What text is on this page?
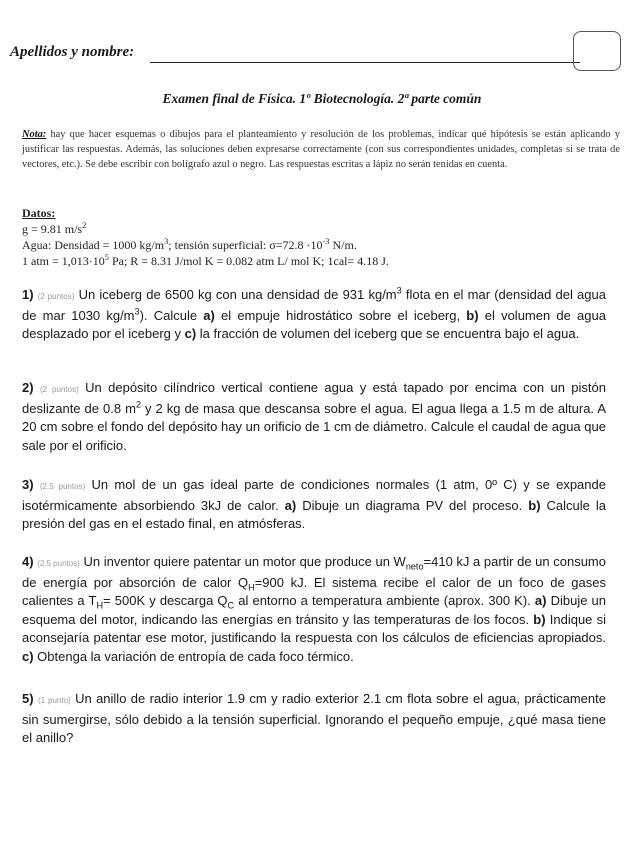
Apellidos y nombre:
Examen final de Física. 1º Biotecnología. 2ª parte común
Nota: hay que hacer esquemas o dibujos para el planteamiento y resolución de los problemas, indicar qué hipótesis se están aplicando y justificar las respuestas. Además, las soluciones deben expresarse correctamente (con sus correspondientes unidades, completas si se trata de vectores, etc.). Se debe escribir con bolígrafo azul o negro. Las respuestas escritas a lápiz no serán tenidas en cuenta.
Datos:
g = 9.81 $m/s^2$
Agua: Densidad = 1000 $kg/m^3$; tensión superficial: $\sigma=72.8 \cdot 10^{-3}$ N/m.
1 atm = $1,013\cdot 10^5$ Pa; R = 8.31 J/mol K = 0.082 atm L/ mol K; 1cal= 4.18 J.
1) (2 puntos) Un iceberg de 6500 kg con una densidad de 931 $kg/m^3$ flota en el mar (densidad del agua de mar 1030 $kg/m^3$). Calcule a) el empuje hidrostático sobre el iceberg, b) el volumen de agua desplazado por el iceberg y c) la fracción de volumen del iceberg que se encuentra bajo el agua.
2) (2 puntos) Un depósito cilíndrico vertical contiene agua y está tapado por encima con un pistón deslizante de 0.8 $m^2$ y 2 kg de masa que descansa sobre el agua. El agua llega a 1.5 m de altura. A 20 cm sobre el fondo del depósito hay un orificio de 1 cm de diámetro. Calcule el caudal de agua que sale por el orificio.
3) (2.5 puntos) Un mol de un gas ideal parte de condiciones normales (1 atm, 0º C) y se expande isotérmicamente absorbiendo 3kJ de calor. a) Dibuje un diagrama PV del proceso. b) Calcule la presión del gas en el estado final, en atmósferas.
4) (2.5 puntos) Un inventor quiere patentar un motor que produce un $W_{neto}=410$ kJ a partir de un consumo de energía por absorción de calor $Q_H=900$ kJ. El sistema recibe el calor de un foco de gases calientes a $T_H= 500K$ y descarga $Q_C$ al entorno a temperatura ambiente (aprox. 300 K). a) Dibuje un esquema del motor, indicando las energías en tránsito y las temperaturas de los focos. b) Indique si aconsejaría patentar ese motor, justificando la respuesta con los cálculos de eficiencias apropiados. c) Obtenga la variación de entropía de cada foco térmico.
5) (1 punto) Un anillo de radio interior 1.9 cm y radio exterior 2.1 cm flota sobre el agua, prácticamente sin sumergirse, sólo debido a la tensión superficial. Ignorando el pequeño empuje, ¿qué masa tiene el anillo?
